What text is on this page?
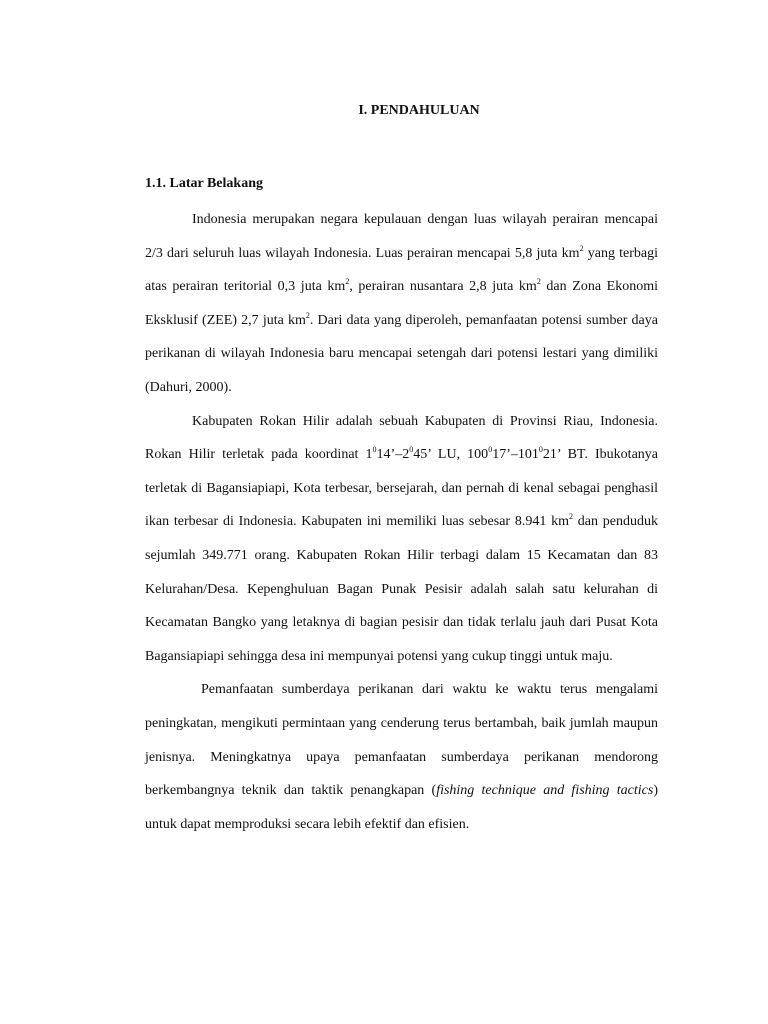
I. PENDAHULUAN
1.1. Latar Belakang

Indonesia merupakan negara kepulauan dengan luas wilayah perairan mencapai 2/3 dari seluruh luas wilayah Indonesia. Luas perairan mencapai 5,8 juta $km^2$ yang terbagi atas perairan teritorial 0,3 juta $km^2$, perairan nusantara 2,8 juta $km^2$ dan Zona Ekonomi Eksklusif (ZEE) 2,7 juta $km^2$. Dari data yang diperoleh, pemanfaatan potensi sumber daya perikanan di wilayah Indonesia baru mencapai setengah dari potensi lestari yang dimiliki (Dahuri, 2000).

Kabupaten Rokan Hilir adalah sebuah Kabupaten di Provinsi Riau, Indonesia. Rokan Hilir terletak pada koordinat $1^014’-2^045$’ LU, $100^017’-101^021$’ BT. Ibukotanya terletak di Bagansiapiapi, Kota terbesar, bersejarah, dan pernah di kenal sebagai penghasil ikan terbesar di Indonesia. Kabupaten ini memiliki luas sebesar 8.941 $km^2$ dan penduduk sejumlah 349.771 orang. Kabupaten Rokan Hilir terbagi dalam 15 Kecamatan dan 83 Kelurahan/Desa. Kepenghuluan Bagan Punak Pesisir adalah salah satu kelurahan di Kecamatan Bangko yang letaknya di bagian pesisir dan tidak terlalu jauh dari Pusat Kota Bagansiapiapi sehingga desa ini mempunyai potensi yang cukup tinggi untuk maju.

Pemanfaatan sumberdaya perikanan dari waktu ke waktu terus mengalami peningkatan, mengikuti permintaan yang cenderung terus bertambah, baik jumlah maupun jenisnya. Meningkatnya upaya pemanfaatan sumberdaya perikanan mendorong berkembangnya teknik dan taktik penangkapan (fishing technique and fishing tactics) untuk dapat memproduksi secara lebih efektif dan efisien.
